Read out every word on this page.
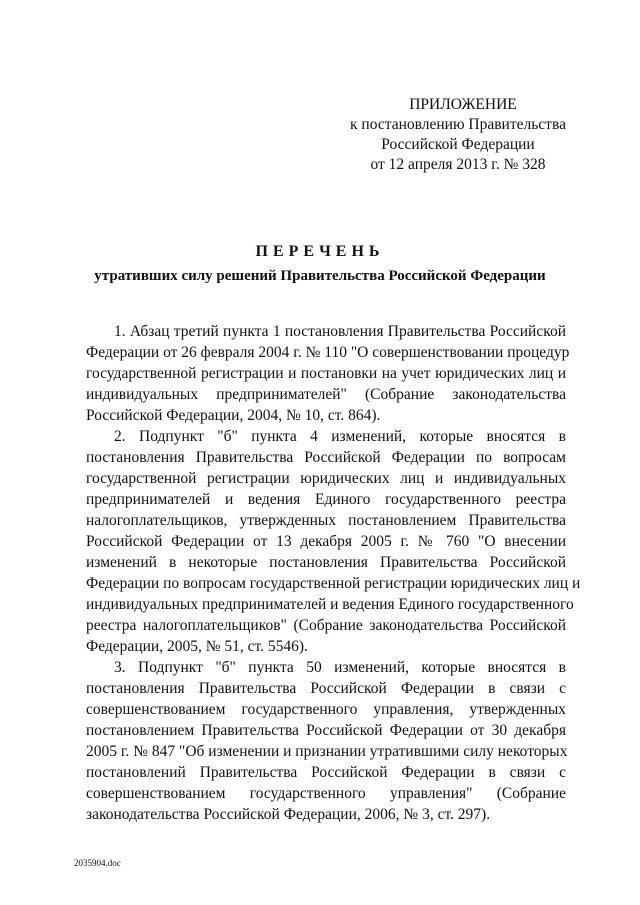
ПРИЛОЖЕНИЕ
к постановлению Правительства
Российской Федерации
от 12 апреля 2013 г. № 328
ПЕРЕЧЕНЬ
утративших силу решений Правительства Российской Федерации
1. Абзац третий пункта 1 постановления Правительства Российской
Федерации от 26 февраля 2004 г. № 110 "О совершенствовании процедур
государственной регистрации и постановки на учет юридических лиц и
индивидуальных предпринимателей" (Собрание законодательства
Российской Федерации, 2004, № 10, ст. 864).
2. Подпункт "б" пункта 4 изменений, которые вносятся в
постановления Правительства Российской Федерации по вопросам
государственной регистрации юридических лиц и индивидуальных
предпринимателей и ведения Единого государственного реестра
налогоплательщиков, утвержденных постановлением Правительства
Российской Федерации от 13 декабря 2005 г. № 760 "О внесении
изменений в некоторые постановления Правительства Российской
Федерации по вопросам государственной регистрации юридических лиц и
индивидуальных предпринимателей и ведения Единого государственного
реестра налогоплательщиков" (Собрание законодательства Российской
Федерации, 2005, № 51, ст. 5546).
3. Подпункт "б" пункта 50 изменений, которые вносятся в
постановления Правительства Российской Федерации в связи с
совершенствованием государственного управления, утвержденных
постановлением Правительства Российской Федерации от 30 декабря
2005 г. № 847 "Об изменении и признании утратившими силу некоторых
постановлений Правительства Российской Федерации в связи с
совершенствованием государственного управления" (Собрание
законодательства Российской Федерации, 2006, № 3, ст. 297).
2035904.doc
